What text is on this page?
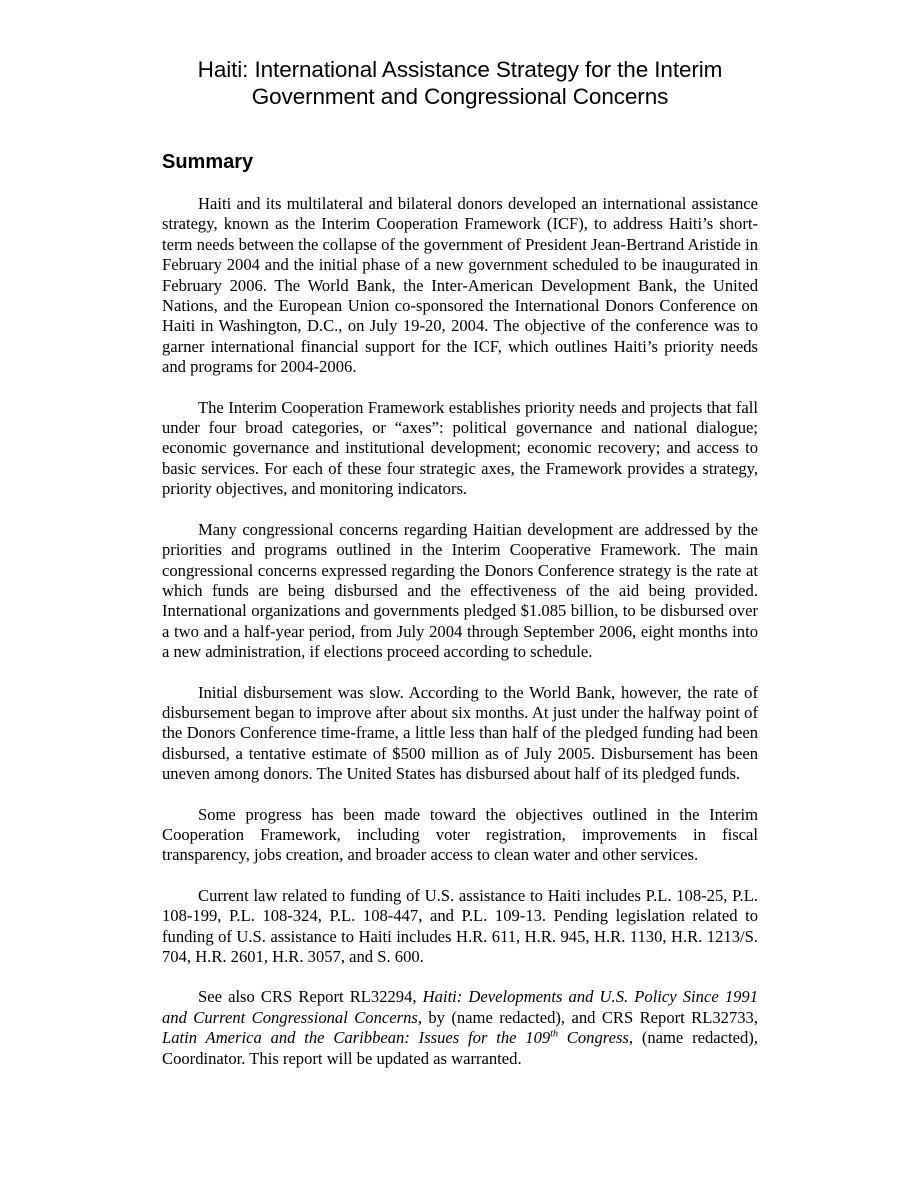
Haiti: International Assistance Strategy for the Interim
Government and Congressional Concerns
Summary

Haiti and its multilateral and bilateral donors developed an international assistance strategy, known as the Interim Cooperation Framework (ICF), to address Haiti’s short-term needs between the collapse of the government of President Jean-Bertrand Aristide in February 2004 and the initial phase of a new government scheduled to be inaugurated in February 2006. The World Bank, the Inter-American Development Bank, the United Nations, and the European Union co-sponsored the International Donors Conference on Haiti in Washington, D.C., on July 19-20, 2004. The objective of the conference was to garner international financial support for the ICF, which outlines Haiti’s priority needs and programs for 2004-2006.

The Interim Cooperation Framework establishes priority needs and projects that fall under four broad categories, or “axes”: political governance and national dialogue; economic governance and institutional development; economic recovery; and access to basic services. For each of these four strategic axes, the Framework provides a strategy, priority objectives, and monitoring indicators.

Many congressional concerns regarding Haitian development are addressed by the priorities and programs outlined in the Interim Cooperative Framework. The main congressional concerns expressed regarding the Donors Conference strategy is the rate at which funds are being disbursed and the effectiveness of the aid being provided. International organizations and governments pledged $1.085 billion, to be disbursed over a two and a half-year period, from July 2004 through September 2006, eight months into a new administration, if elections proceed according to schedule.

Initial disbursement was slow. According to the World Bank, however, the rate of disbursement began to improve after about six months. At just under the halfway point of the Donors Conference time-frame, a little less than half of the pledged funding had been disbursed, a tentative estimate of $500 million as of July 2005. Disbursement has been uneven among donors. The United States has disbursed about half of its pledged funds.

Some progress has been made toward the objectives outlined in the Interim Cooperation Framework, including voter registration, improvements in fiscal transparency, jobs creation, and broader access to clean water and other services.

Current law related to funding of U.S. assistance to Haiti includes P.L. 108-25, P.L. 108-199, P.L. 108-324, P.L. 108-447, and P.L. 109-13. Pending legislation related to funding of U.S. assistance to Haiti includes H.R. 611, H.R. 945, H.R. 1130, H.R. 1213/S. 704, H.R. 2601, H.R. 3057, and S. 600.

See also CRS Report RL32294, Haiti: Developments and U.S. Policy Since 1991 and Current Congressional Concerns, by (name redacted), and CRS Report RL32733, Latin America and the Caribbean: Issues for the 109th Congress, (name redacted), Coordinator. This report will be updated as warranted.
